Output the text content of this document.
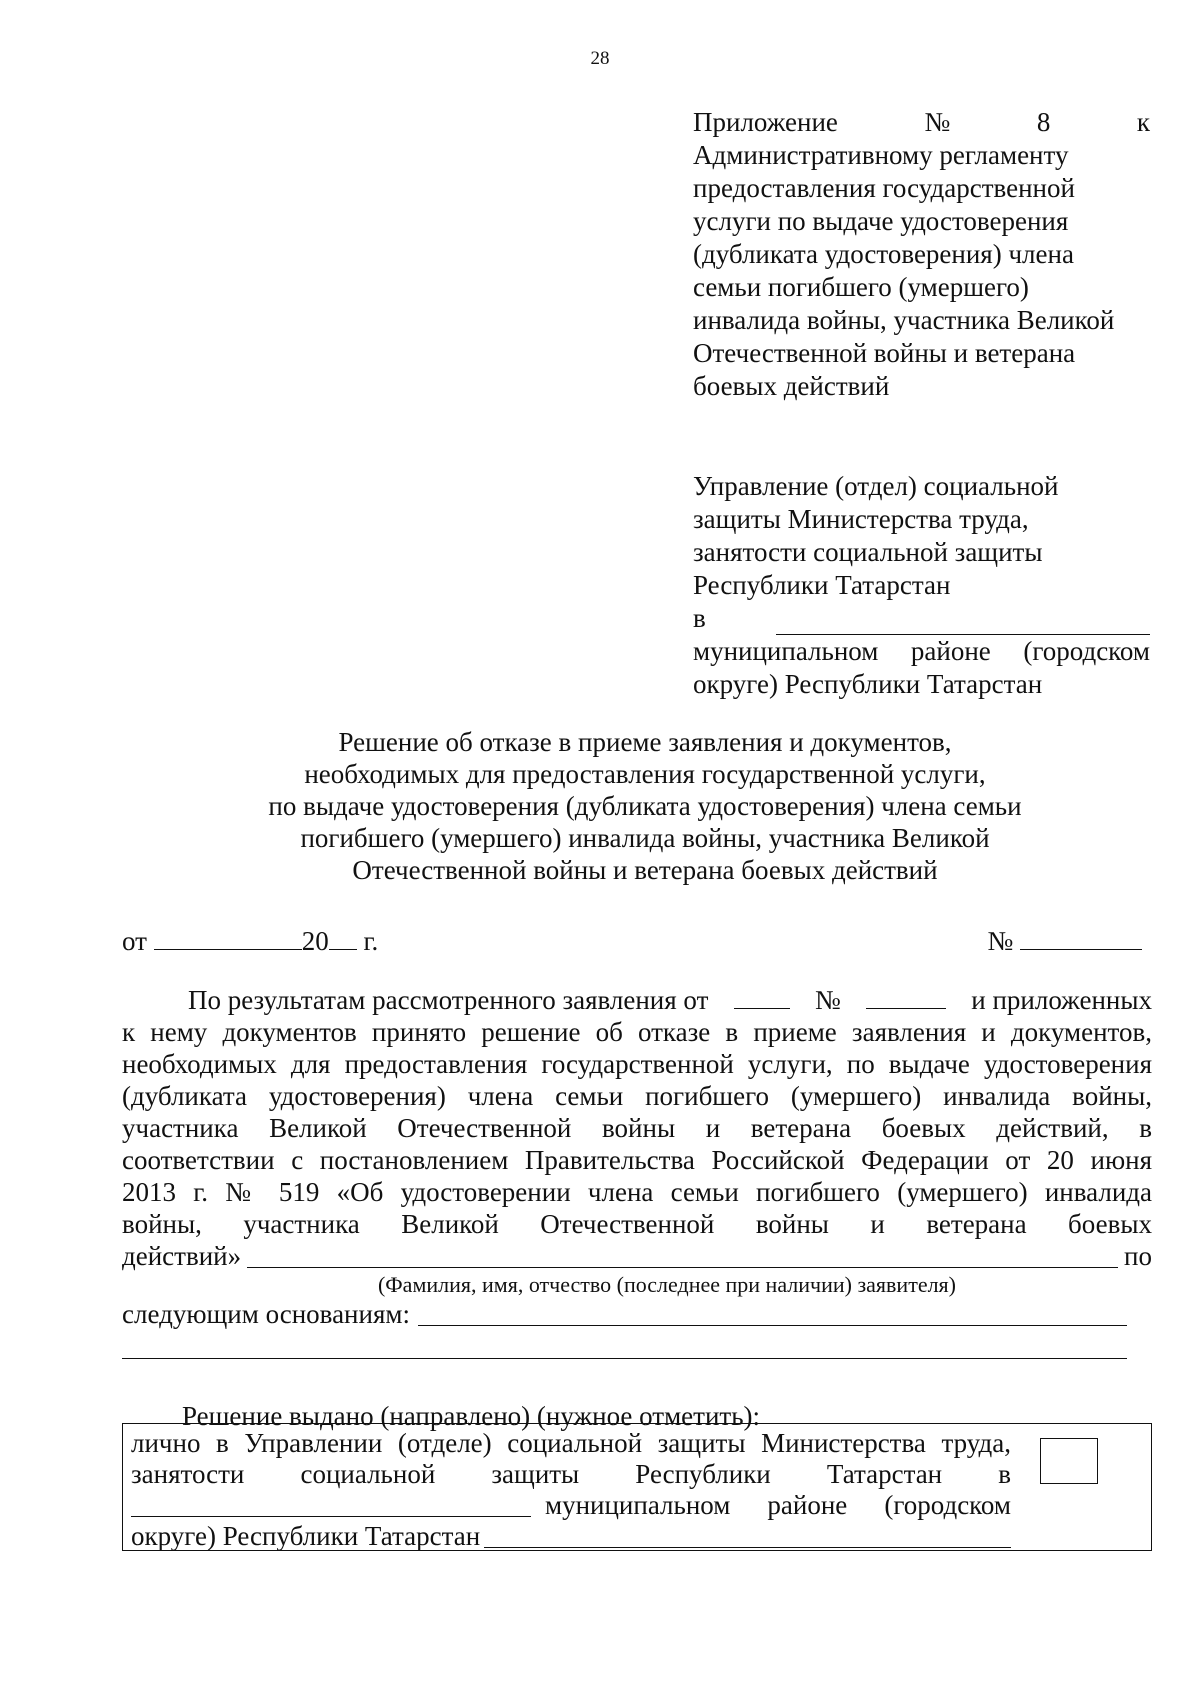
28
Приложение	№	8	к
Административному регламенту
предоставления государственной
услуги по выдаче удостоверения
(дубликата удостоверения) члена
семьи погибшего (умершего)
инвалида войны, участника Великой
Отечественной войны и ветерана
боевых действий
Управление (отдел) социальной
защиты Министерства труда,
занятости социальной защиты
Республики Татарстан
в
муниципальном районе (городском
округе) Республики Татарстан
Решение об отказе в приеме заявления и документов,
необходимых для предоставления государственной услуги,
по выдаче удостоверения (дубликата удостоверения) члена семьи
погибшего (умершего) инвалида войны, участника Великой
Отечественной войны и ветерана боевых действий
от	20 г.	№
По результатам рассмотренного заявления от	№	и приложенных
к нему документов принято решение об отказе в приеме заявления и документов,
необходимых для предоставления государственной услуги, по выдаче удостоверения
(дубликата удостоверения) члена семьи погибшего (умершего) инвалида войны,
участника Великой Отечественной войны и ветерана боевых действий, в
соответствии с постановлением Правительства Российской Федерации от 20 июня
2013 г. № 519 «Об удостоверении члена семьи погибшего (умершего) инвалида
войны, участника Великой Отечественной войны и ветерана боевых
действий»	по
(Фамилия, имя, отчество (последнее при наличии) заявителя)
следующим основаниям:
Решение выдано (направлено) (нужное отметить):
лично в Управлении (отделе) социальной защиты Министерства труда,
занятости социальной защиты Республики Татарстан в
муниципальном районе (городском
округе) Республики Татарстан
